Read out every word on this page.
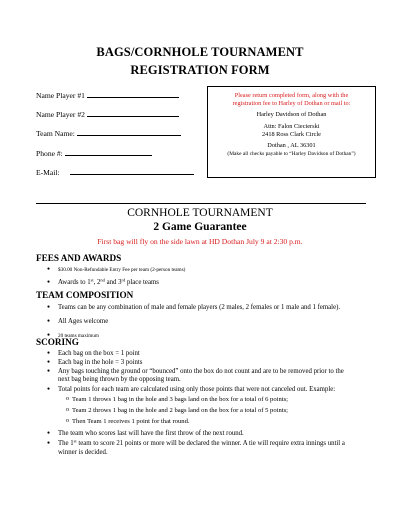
BAGS/CORNHOLE TOURNAMENT
REGISTRATION FORM
Name Player #1
Name Player #2
Team Name:
Phone #:
E-Mail:
Please return completed form, along with the
registration fee to Harley of Dothan or mail to:
Harley Davidson of Dothan
Attn: Falon Ciecierski
2418 Ross Clark Circle
Dothan , AL 36301
(Make all checks payable to “Harley Davidson of Dothan”)
CORNHOLE TOURNAMENT
2 Game Guarantee
First bag will fly on the side lawn at HD Dothan July 9 at 2:30 p.m.
FEES AND AWARDS
● $30.00 Non-Refundable Entry Fee per team (2-person teams)
● Awards to 1st, 2nd and 3rd place teams
TEAM COMPOSITION
● Teams can be any combination of male and female players (2 males, 2 females or 1 male and 1 female).
● All Ages welcome
● 20 teams maximum
SCORING
● Each bag on the box = 1 point
● Each bag in the hole = 3 points
● Any bags touching the ground or “bounced” onto the box do not count and are to be removed prior to the
next bag being thrown by the opposing team.
● Total points for each team are calculated using only those points that were not canceled out. Example:
o Team 1 throws 1 bag in the hole and 3 bags land on the box for a total of 6 points;
o Team 2 throws 1 bag in the hole and 2 bags land on the box for a total of 5 points;
o Then Team 1 receives 1 point for that round.
● The team who scores last will have the first throw of the next round.
● The 1st team to score 21 points or more will be declared the winner. A tie will require extra innings until a
winner is decided.
